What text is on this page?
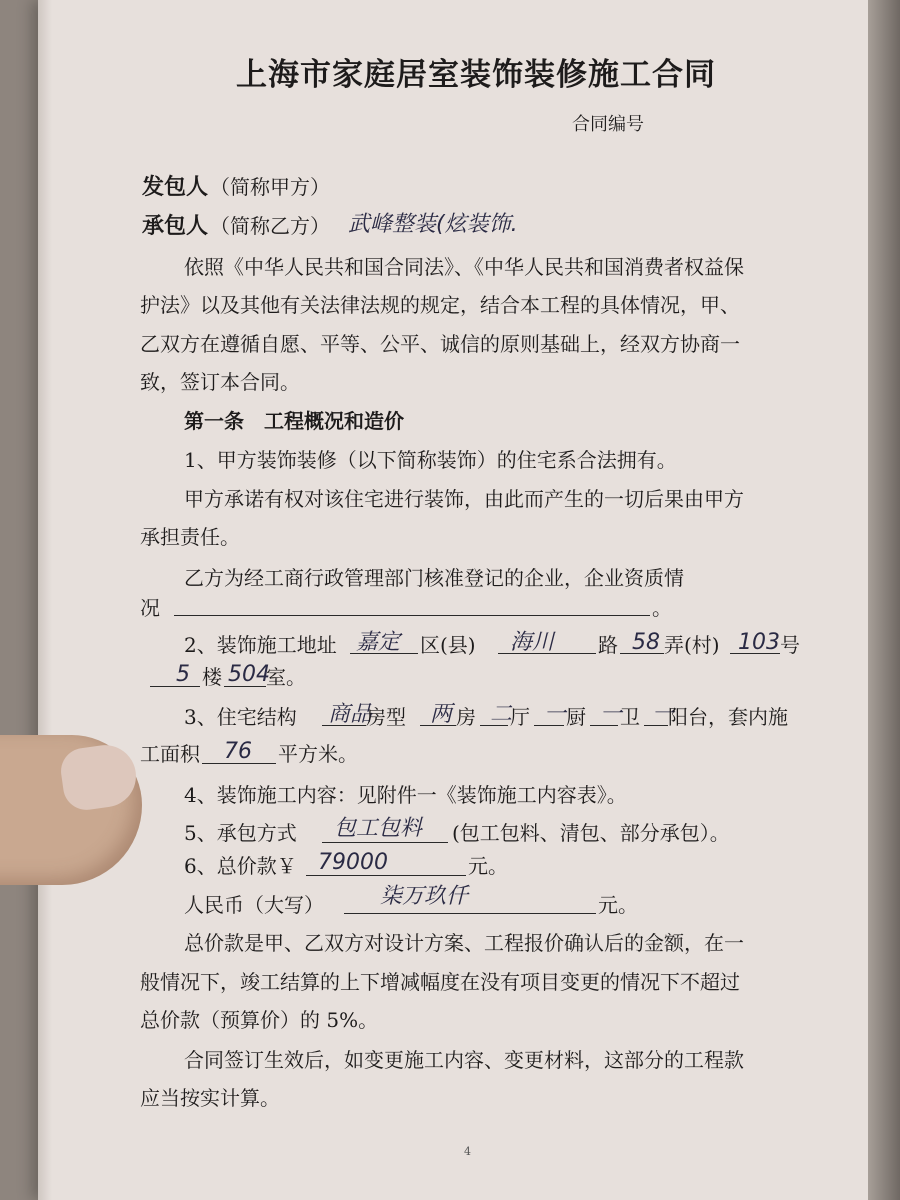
上海市家庭居室装饰装修施工合同
合同编号
发包人 （简称甲方）
承包人 （简称乙方） 武峰整装(炫装饰.
依照《中华人民共和国合同法》、《中华人民共和国消费者权益保
护法》以及其他有关法律法规的规定，结合本工程的具体情况，甲、
乙双方在遵循自愿、平等、公平、诚信的原则基础上，经双方协商一
致，签订本合同。
第一条　工程概况和造价
1、甲方装饰装修（以下简称装饰）的住宅系合法拥有。
甲方承诺有权对该住宅进行装饰，由此而产生的一切后果由甲方
承担责任。
乙方为经工商行政管理部门核准登记的企业，企业资质情
况	。
2、装饰施工地址 嘉定 区(县) 海川 路 58 弄(村) 103 号
5 楼 504
室。
3、住宅结构 商品
房型 两 房 二
厅 一 厨 一
卫 一
阳台，套内施
工面积 76 平方米。
4、装饰施工内容：见附件一《装饰施工内容表》。
5、承包方式 包工包料 (包工包料、清包、部分承包）。
6、总价款￥ 79000	元。
人民币（大写）	柒万玖仟	元。
总价款是甲、乙双方对设计方案、工程报价确认后的金额，在一
般情况下，竣工结算的上下增减幅度在没有项目变更的情况下不超过
总价款（预算价）的 5%。
合同签订生效后，如变更施工内容、变更材料，这部分的工程款
应当按实计算。
4
